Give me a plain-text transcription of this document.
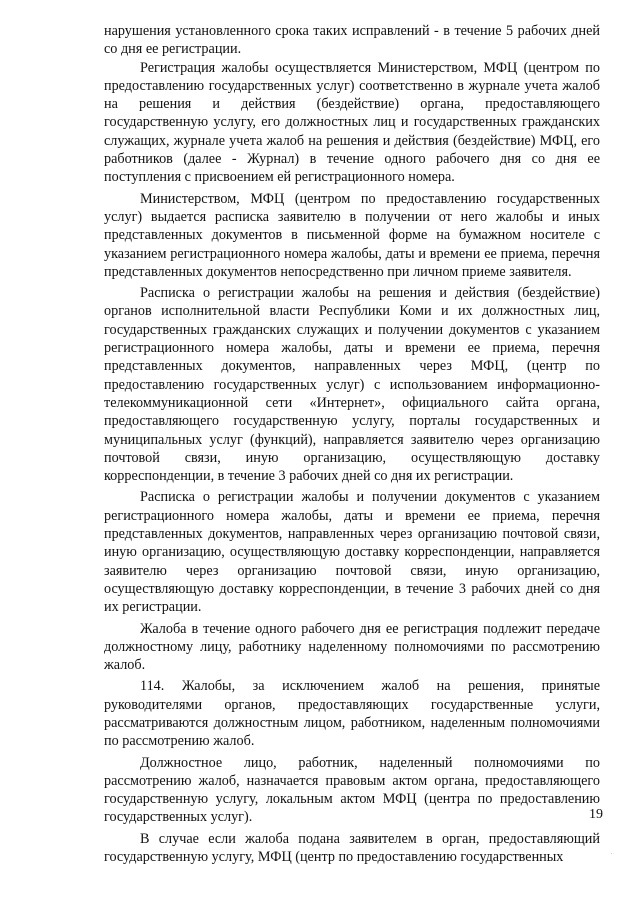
нарушения установленного срока таких исправлений - в течение 5 рабочих дней со дня ее регистрации.

Регистрация жалобы осуществляется Министерством, МФЦ (центром по предоставлению государственных услуг) соответственно в журнале учета жалоб на решения и действия (бездействие) органа, предоставляющего государственную услугу, его должностных лиц и государственных гражданских служащих, журнале учета жалоб на решения и действия (бездействие) МФЦ, его работников (далее - Журнал) в течение одного рабочего дня со дня ее поступления с присвоением ей регистрационного номера.

Министерством, МФЦ (центром по предоставлению государственных услуг) выдается расписка заявителю в получении от него жалобы и иных представленных документов в письменной форме на бумажном носителе с указанием регистрационного номера жалобы, даты и времени ее приема, перечня представленных документов непосредственно при личном приеме заявителя.

Расписка о регистрации жалобы на решения и действия (бездействие) органов исполнительной власти Республики Коми и их должностных лиц, государственных гражданских служащих и получении документов с указанием регистрационного номера жалобы, даты и времени ее приема, перечня представленных документов, направленных через МФЦ, (центр по предоставлению государственных услуг) с использованием информационно-телекоммуникационной сети «Интернет», официального сайта органа, предоставляющего государственную услугу, порталы государственных и муниципальных услуг (функций), направляется заявителю через организацию почтовой связи, иную организацию, осуществляющую доставку корреспонденции, в течение 3 рабочих дней со дня их регистрации.

Расписка о регистрации жалобы и получении документов с указанием регистрационного номера жалобы, даты и времени ее приема, перечня представленных документов, направленных через организацию почтовой связи, иную организацию, осуществляющую доставку корреспонденции, направляется заявителю через организацию почтовой связи, иную организацию, осуществляющую доставку корреспонденции, в течение 3 рабочих дней со дня их регистрации.

Жалоба в течение одного рабочего дня ее регистрация подлежит передаче должностному лицу, работнику наделенному полномочиями по рассмотрению жалоб.

114. Жалобы, за исключением жалоб на решения, принятые руководителями органов, предоставляющих государственные услуги, рассматриваются должностным лицом, работником, наделенным полномочиями по рассмотрению жалоб.

Должностное лицо, работник, наделенный полномочиями по рассмотрению жалоб, назначается правовым актом органа, предоставляющего государственную услугу, локальным актом МФЦ (центра по предоставлению государственных услуг).

В случае если жалоба подана заявителем в орган, предоставляющий государственную услугу, МФЦ (центр по предоставлению государственных

19
